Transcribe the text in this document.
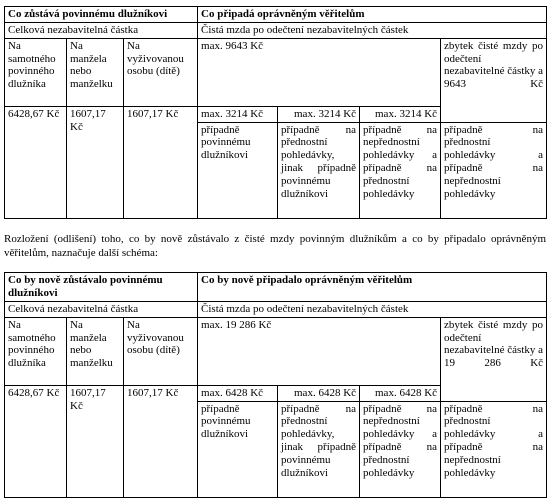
Co zůstává povinnému dlužníkovi			Co připadá oprávněným věřitelům			
Celková nezabavitelná částka			Čistá mzda po odečtení nezabavitelných částek			
Na samotného povinného dlužníka	Na manžela nebo manželku	Na vyživovanou osobu (dítě)	max. 9643 Kč			zbytek čisté mzdy po odečtení nezabavitelné částky a 9643 Kč
6428,67 Kč	1607,17 Kč	1607,17 Kč	max. 3214 Kč	max. 3214 Kč	max. 3214 Kč	
			případně povinnému dlužníkovi	případně na přednostní pohledávky, jinak případně povinnému dlužníkovi	případně na nepřednostní pohledávky a případně na přednostní pohledávky	případně na přednostní pohledávky a případně na nepřednostní pohledávky

Rozložení (odlišení) toho, co by nově zůstávalo z čisté mzdy povinným dlužníkům a co by připadalo oprávněným věřitelům, naznačuje další schéma:

Co by nově zůstávalo povinnému dlužníkovi			Co by nově připadalo oprávněným věřitelům			
Celková nezabavitelná částka			Čistá mzda po odečtení nezabavitelných částek			
Na samotného povinného dlužníka	Na manžela nebo manželku	Na vyživovanou osobu (dítě)	max. 19 286 Kč			zbytek čisté mzdy po odečtení nezabavitelné částky a 19 286 Kč
6428,67 Kč	1607,17 Kč	1607,17 Kč	max. 6428 Kč	max. 6428 Kč	max. 6428 Kč	
			případně povinnému dlužníkovi	případně na přednostní pohledávky, jinak případně povinnému dlužníkovi	případně na nepřednostní pohledávky a případně na přednostní pohledávky	případně na přednostní pohledávky a případně na nepřednostní pohledávky
